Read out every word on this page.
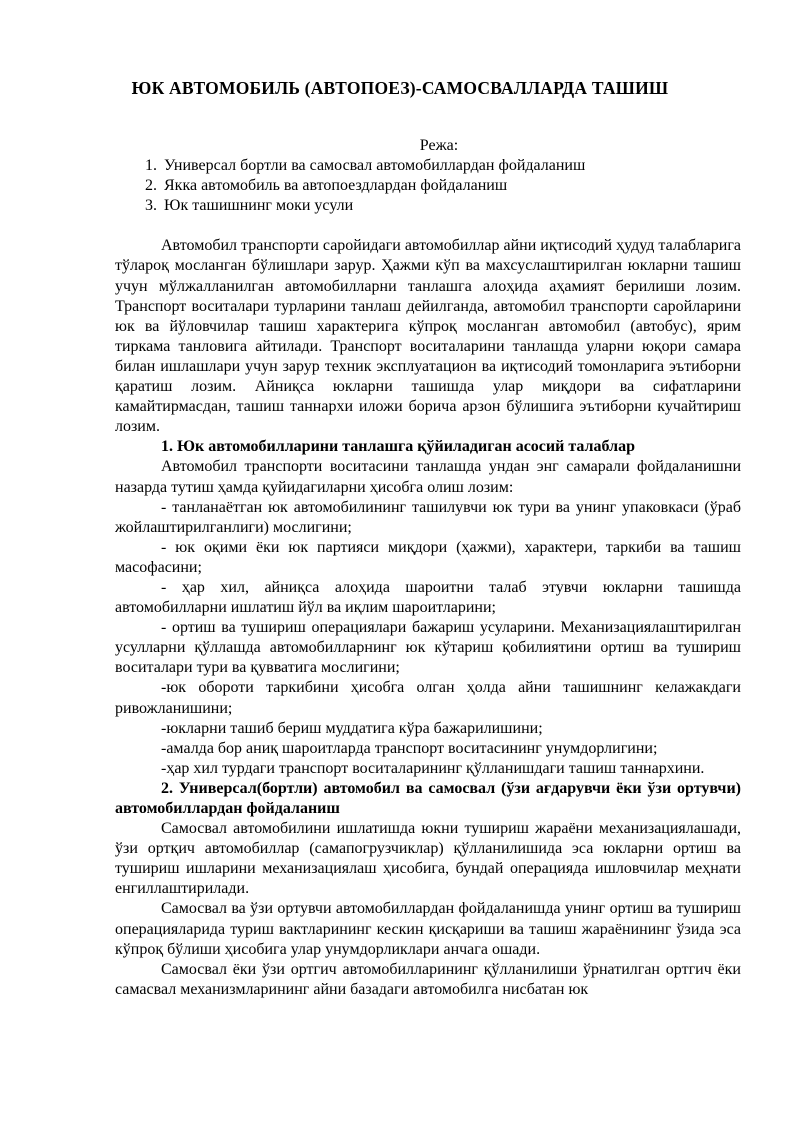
ЮК АВТОМОБИЛЬ (АВТОПОЕЗ)-САМОСВАЛЛАРДА ТАШИШ
Режа:
1. Универсал бортли ва самосвал автомобиллардан фойдаланиш
2. Якка автомобиль ва автопоездлардан фойдаланиш
3. Юк ташишнинг моки усули

Автомобил транспорти саройидаги автомобиллар айни иқтисодий ҳудуд талабларига тўлароқ мосланган бўлишлари зарур. Ҳажми кўп ва махсуслаштирилган юкларни ташиш учун мўлжалланилган автомобилларни танлашга алоҳида аҳамият берилиши лозим. Транспорт воситалари турларини танлаш дейилганда, автомобил транспорти саройларини юк ва йўловчилар ташиш характерига кўпроқ мосланган автомобил (автобус), ярим тиркама танловига айтилади. Транспорт воситаларини танлашда уларни юқори самара билан ишлашлари учун зарур техник эксплуатацион ва иқтисодий томонларига эътиборни қаратиш лозим. Айниқса юкларни ташишда улар миқдори ва сифатларини камайтирмасдан, ташиш таннархи иложи борича арзон бўлишига эътиборни кучайтириш лозим.

1. Юк автомобилларини танлашга қўйиладиган асосий талаблар

Автомобил транспорти воситасини танлашда ундан энг самарали фойдаланишни назарда тутиш ҳамда қуйидагиларни ҳисобга олиш лозим:

- танланаётган юк автомобилининг ташилувчи юк тури ва унинг упаковкаси (ўраб жойлаштирилганлиги) мослигини;

- юк оқими ёки юк партияси миқдори (ҳажми), характери, таркиби ва ташиш масофасини;

- ҳар хил, айниқса алоҳида шароитни талаб этувчи юкларни ташишда автомобилларни ишлатиш йўл ва иқлим шароитларини;

- ортиш ва тушириш операциялари бажариш усуларини. Механизациялаштирилган усулларни қўллашда автомобилларнинг юк кўтариш қобилиятини ортиш ва тушириш воситалари тури ва қувватига мослигини;

-юк обороти таркибини ҳисобга олган ҳолда айни ташишнинг келажакдаги ривожланишини;

-юкларни ташиб бериш муддатига кўра бажарилишини;

-амалда бор аниқ шароитларда транспорт воситасининг унумдорлигини;

-ҳар хил турдаги транспорт воситаларининг қўлланишдаги ташиш таннархини.

2. Универсал(бортли) автомобил ва самосвал (ўзи ағдарувчи ёки ўзи ортувчи) автомобиллардан фойдаланиш

Самосвал автомобилини ишлатишда юкни тушириш жараёни механизациялашади, ўзи ортқич автомобиллар (самапогрузчиклар) қўлланилишида эса юкларни ортиш ва тушириш ишларини механизациялаш ҳисобига, бундай операцияда ишловчилар меҳнати енгиллаштирилади.

Самосвал ва ўзи ортувчи автомобиллардан фойдаланишда унинг ортиш ва тушириш операцияларида туриш вактларининг кескин қисқариши ва ташиш жараёнининг ўзида эса кўпроқ бўлиши ҳисобига улар унумдорликлари анчага ошади.

Самосвал ёки ўзи ортгич автомобилларининг қўлланилиши ўрнатилган ортгич ёки самасвал механизмларининг айни базадаги автомобилга нисбатан юк
